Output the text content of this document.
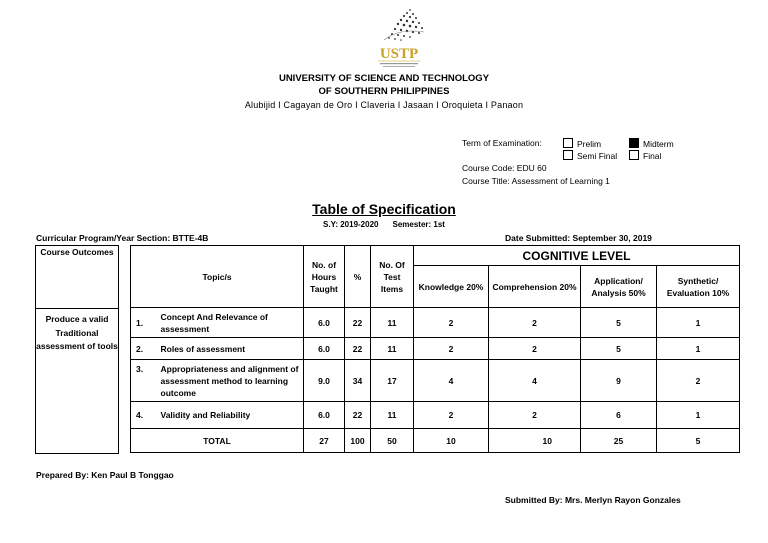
USTP
UNIVERSITY OF SCIENCE AND TECHNOLOGY
OF SOUTHERN PHILIPPINES
Alubijid I Cagayan de Oro I Claveria I Jasaan I Oroquieta I Panaon
Term of Examination:	Prelim	Midterm
Semi Final	Final
Course Code: EDU 60
Course Title: Assessment of Learning 1
Table of Specification
S.Y: 2019-2020 Semester: 1st
Curricular Program/Year Section: BTTE-4B	Date Submitted: September 30, 2019
Course Outcomes
Produce a valid Traditional assessment of tools
Topic/s		No. of Hours Taught	%	No. Of Test Items	COGNITIVE LEVEL			
					Knowledge 20%	Comprehension 20%	Application/ Analysis 50%	Synthetic/ Evaluation 10%
1.	Concept And Relevance of assessment	6.0	22	11	2	2	5	1
2.	Roles of assessment	6.0	22	11	2	2	5	1
3.	Appropriateness and alignment of assessment method to learning outcome	9.0	34	17	4	4	9	2
4.	Validity and Reliability	6.0	22	11	2	2	6	1
TOTAL		27	100	50	10	10	25	5
Prepared By: Ken Paul B Tonggao
Submitted By: Mrs. Merlyn Rayon Gonzales
